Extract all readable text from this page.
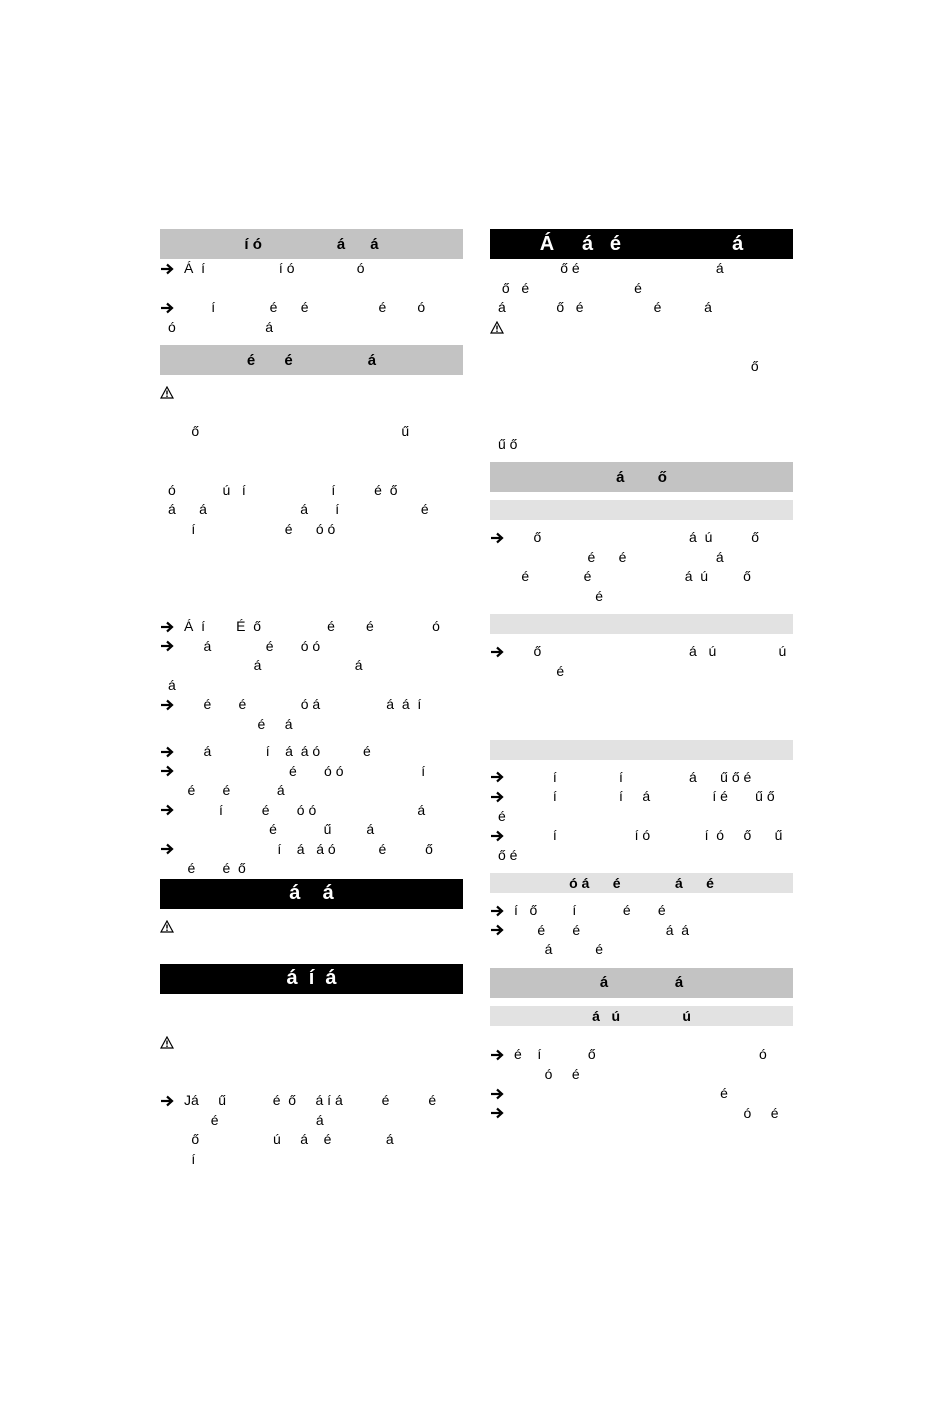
í ó                  á      á
Á  í                   í ó                ó
í              é      é                  é        ó
ó                       á
é       é                  á
ő                                                    ű
ó            ú   í                      í          é  ő
á      á                        á       í                     é
í                       é      ó ó
Á  í        É  ő                 é        é               ó
á              é       ó ó
á                        á
á
é       é              ó á                 á  á  í
é     á
á              í    á  á ó           é
é       ó ó                    í
é       é            á
í          é       ó ó                          á
é            ű         á
í    á   á ó           é          ő
é       é  ő
á    á
á  í  á
Já     ű            é  ő     á í á          é          é
é                         á
ő                   ú     á    é              á
í
Á     á   é                    á
ő é                                   á
ő   é                           é
á             ő   é                  é           á
ő
ű ő
á        ő
ő                                      á  ú          ő
é      é                       á
é              é                        á  ú         ő
é
ő                                      á   ú                ú
é
í                í                 á      ű ő é
í                í     á                í é       ű ő
é
í                    í ó              í  ó     ő      ű
ő é
ó á      é              á      é
í   ő         í            é       é
é       é                      á  á
á           é
á                á
á   ú                ú
é    í            ő                                          ó
ó     é
é
ó     é
